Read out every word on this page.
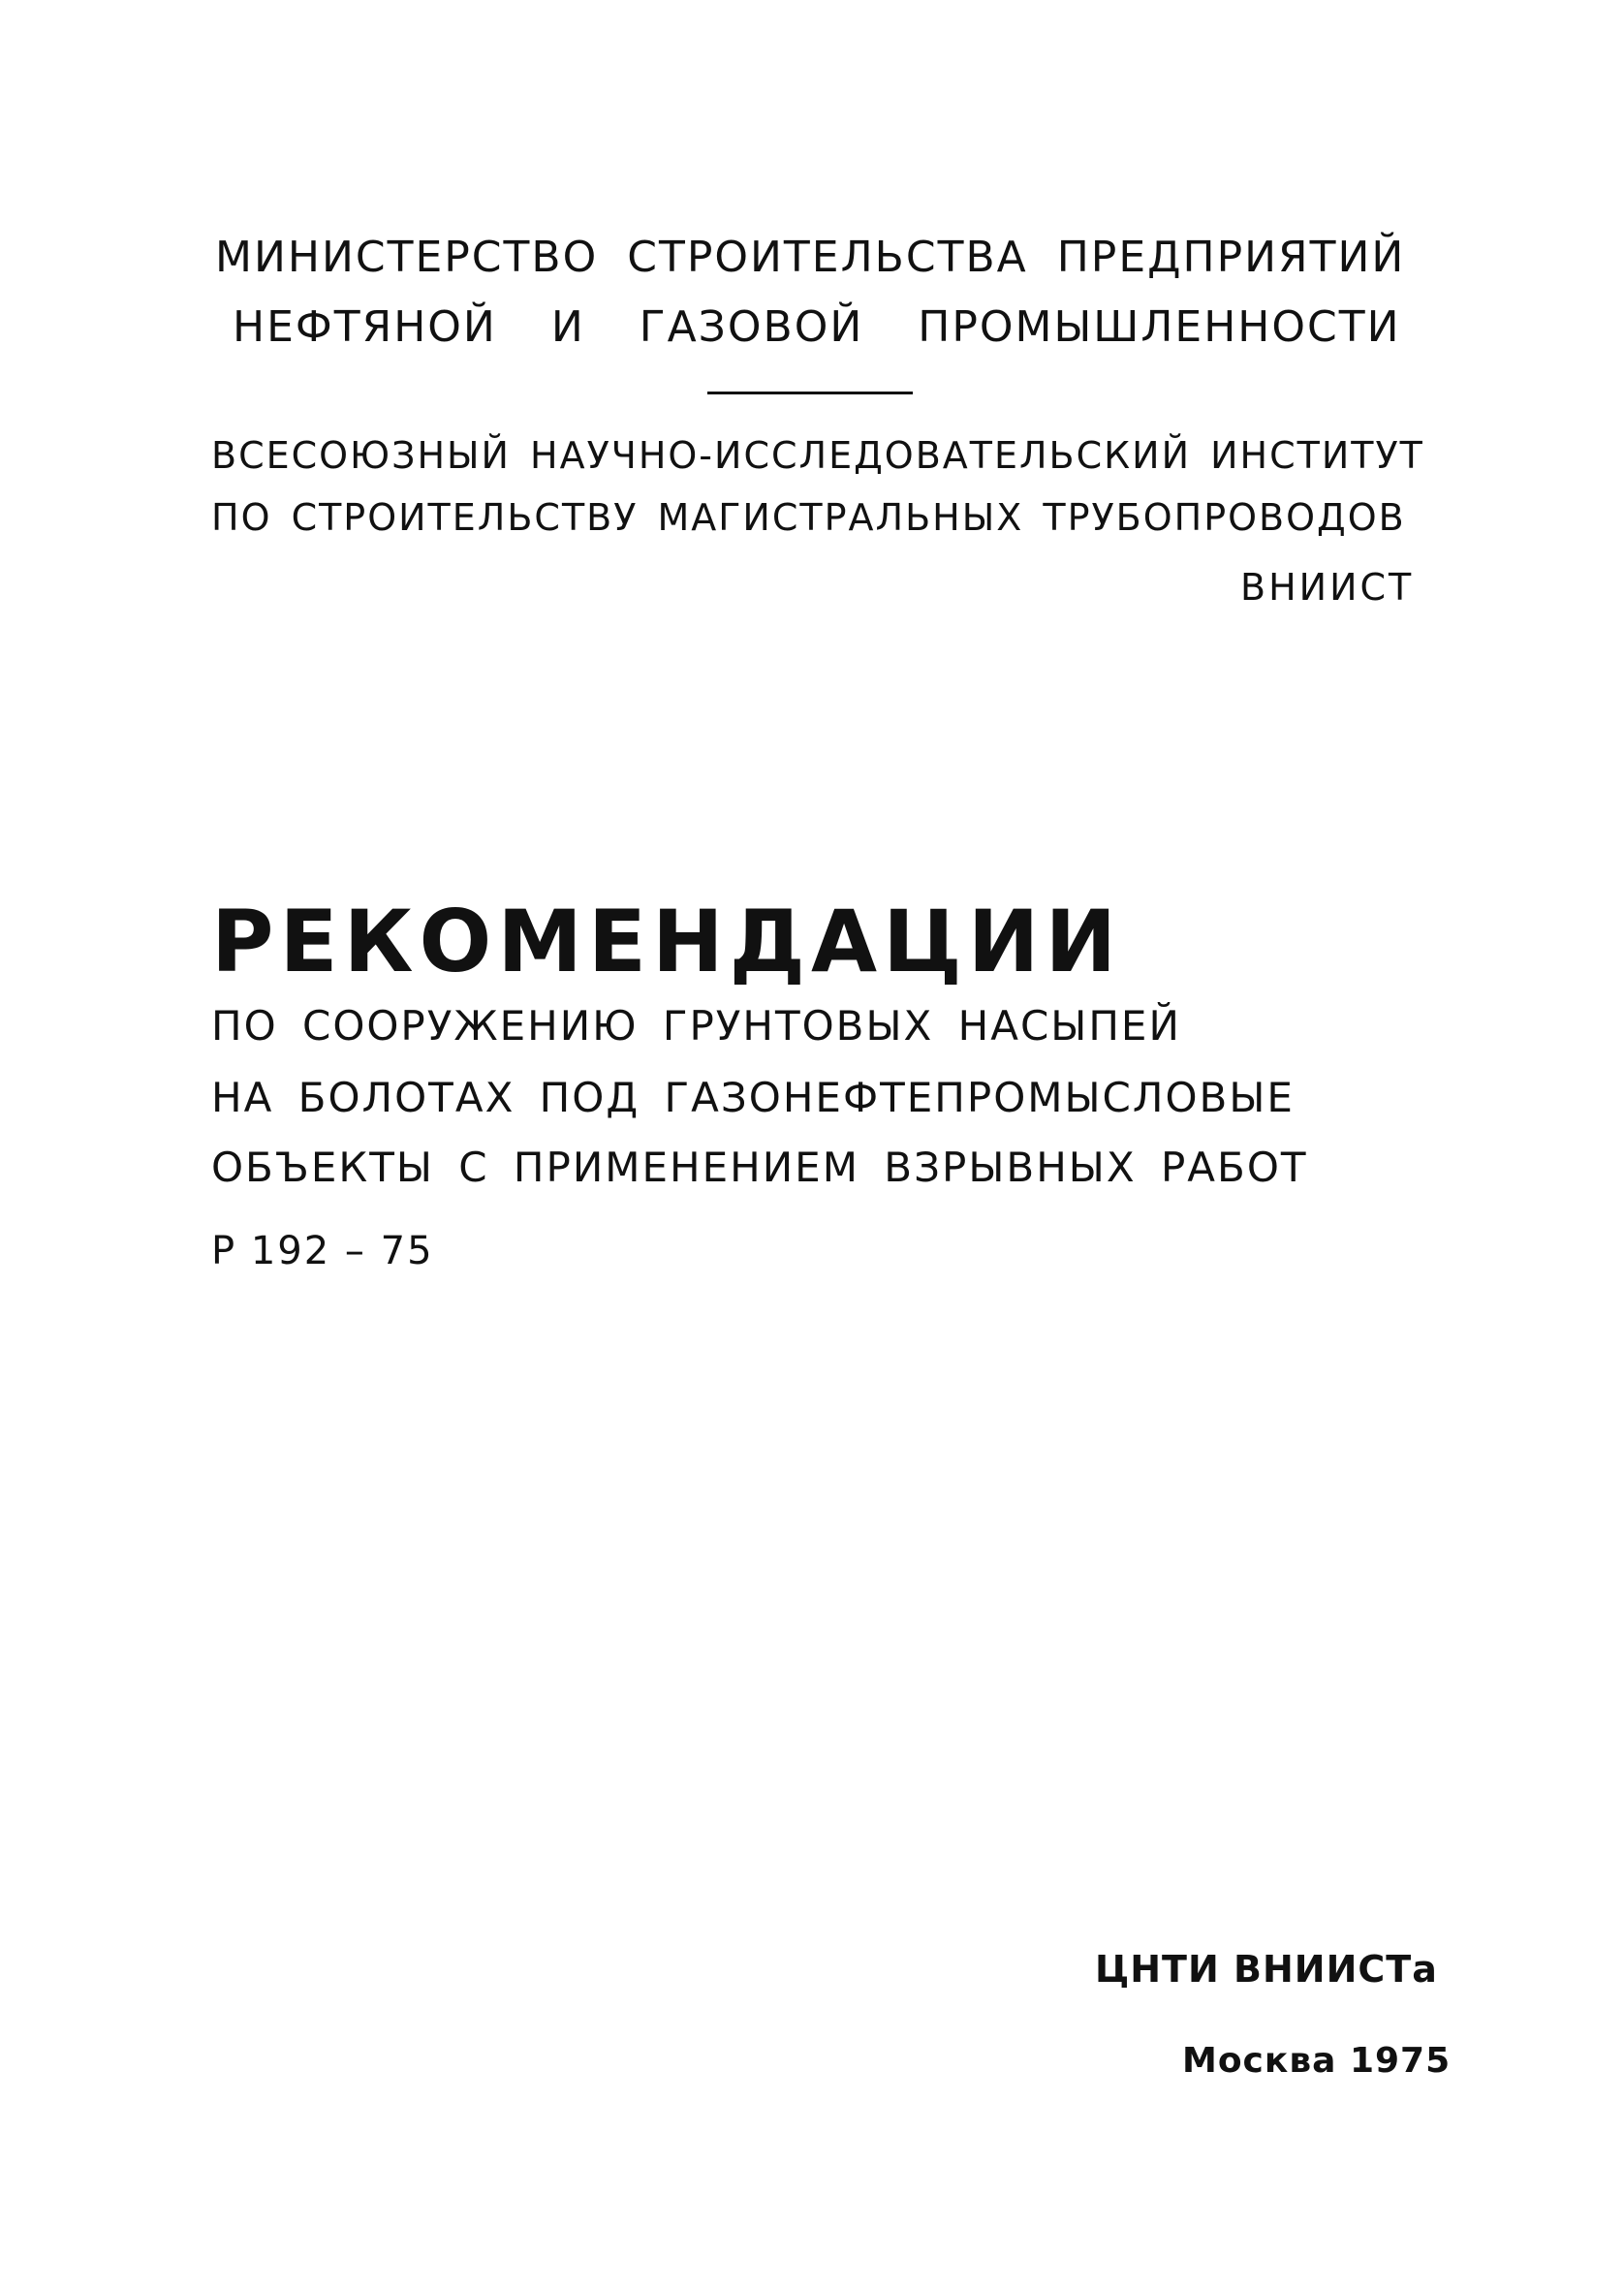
МИНИСТЕРСТВО СТРОИТЕЛЬСТВА ПРЕДПРИЯТИЙ
НЕФТЯНОЙ И ГАЗОВОЙ ПРОМЫШЛЕННОСТИ
ВСЕСОЮЗНЫЙ НАУЧНО-ИССЛЕДОВАТЕЛЬСКИЙ ИНСТИТУТ
ПО СТРОИТЕЛЬСТВУ МАГИСТРАЛЬНЫХ ТРУБОПРОВОДОВ
ВНИИСТ
РЕКОМЕНДАЦИИ
ПО СООРУЖЕНИЮ ГРУНТОВЫХ НАСЫПЕЙ
НА БОЛОТАХ ПОД ГАЗОНЕФТЕПРОМЫСЛОВЫЕ
ОБЪЕКТЫ С ПРИМЕНЕНИЕМ ВЗРЫВНЫХ РАБОТ
Р 192 – 75
ЦНТИ ВНИИСТа
Москва 1975
